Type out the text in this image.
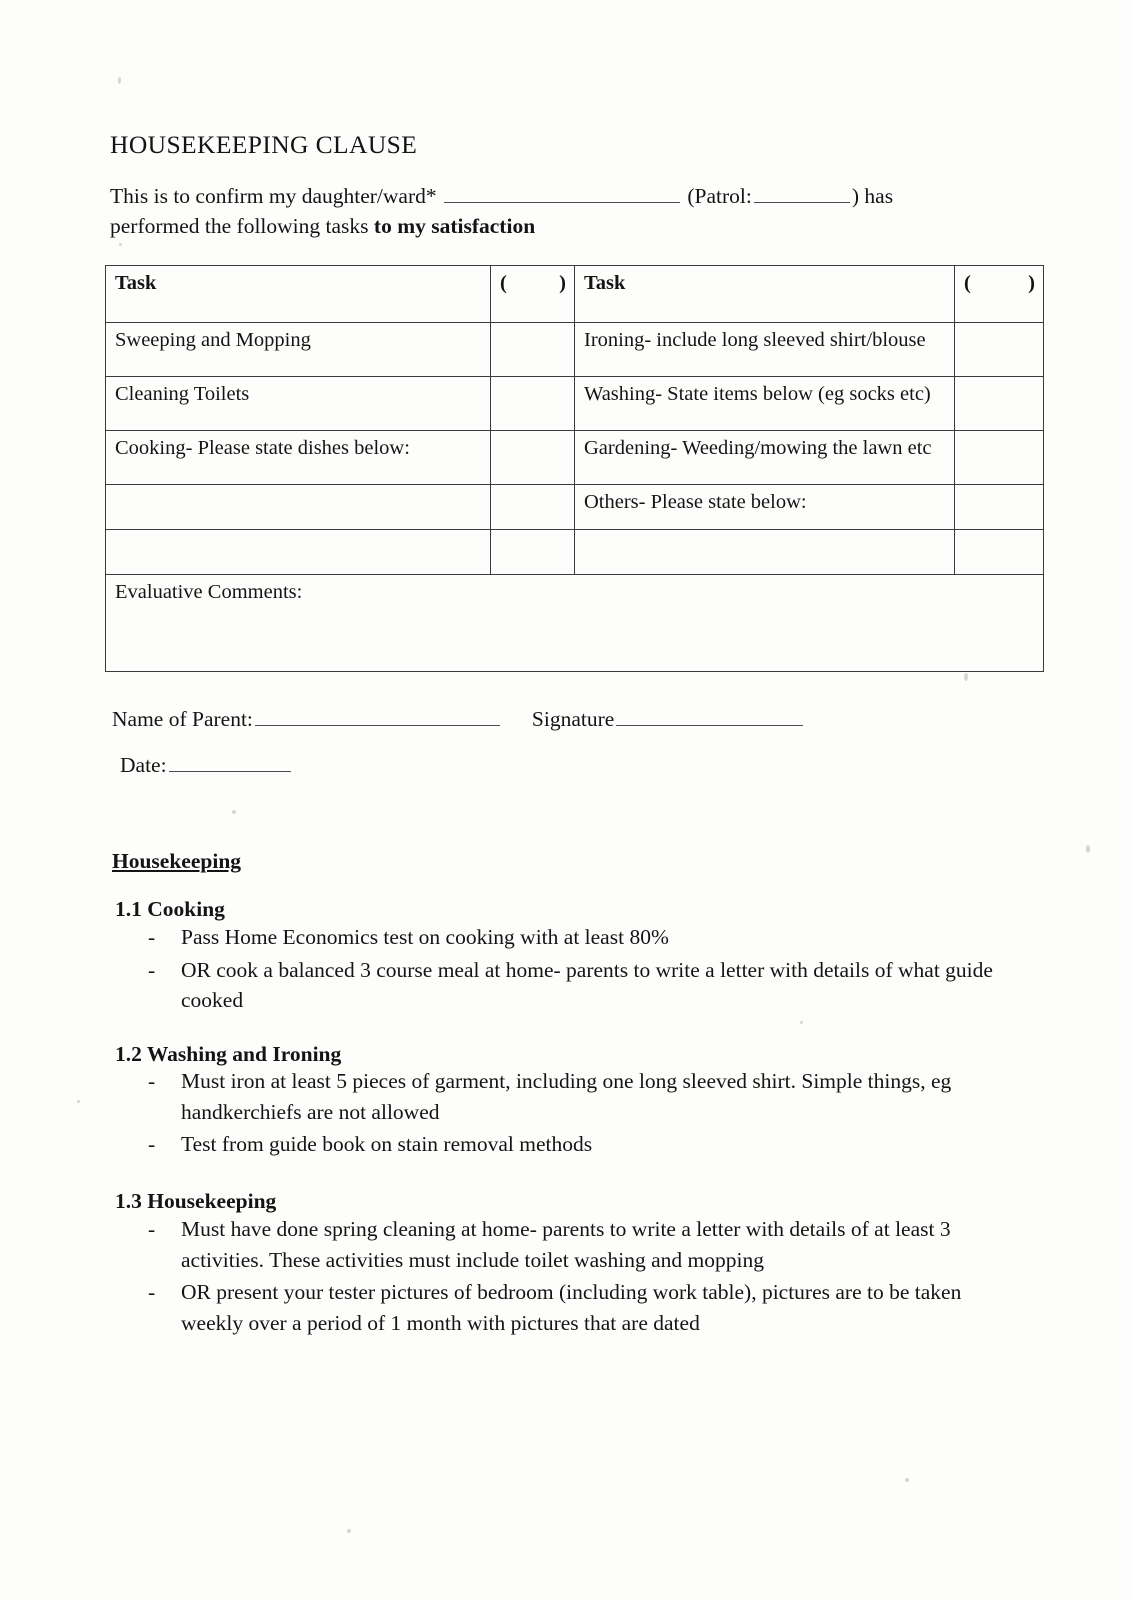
HOUSEKEEPING CLAUSE
This is to confirm my daughter/ward*	(Patrol:	) has
performed the following tasks to my satisfaction
Task	( )	Task	( )

Sweeping and Mopping		Ironing- include long sleeved shirt/blouse	
Cleaning Toilets		Washing- State items below (eg socks etc)	
Cooking- Please state dishes below:		Gardening- Weeding/mowing the lawn etc	
		Others- Please state below:	

Evaluative Comments:			
Name of Parent:	Signature
Date:
Housekeeping
1.1 Cooking
- Pass Home Economics test on cooking with at least 80%
- OR cook a balanced 3 course meal at home- parents to write a letter with details of what guide cooked
1.2 Washing and Ironing
- Must iron at least 5 pieces of garment, including one long sleeved shirt. Simple things, eg handkerchiefs are not allowed
- Test from guide book on stain removal methods
1.3 Housekeeping
- Must have done spring cleaning at home- parents to write a letter with details of at least 3 activities. These activities must include toilet washing and mopping
- OR present your tester pictures of bedroom (including work table), pictures are to be taken weekly over a period of 1 month with pictures that are dated
